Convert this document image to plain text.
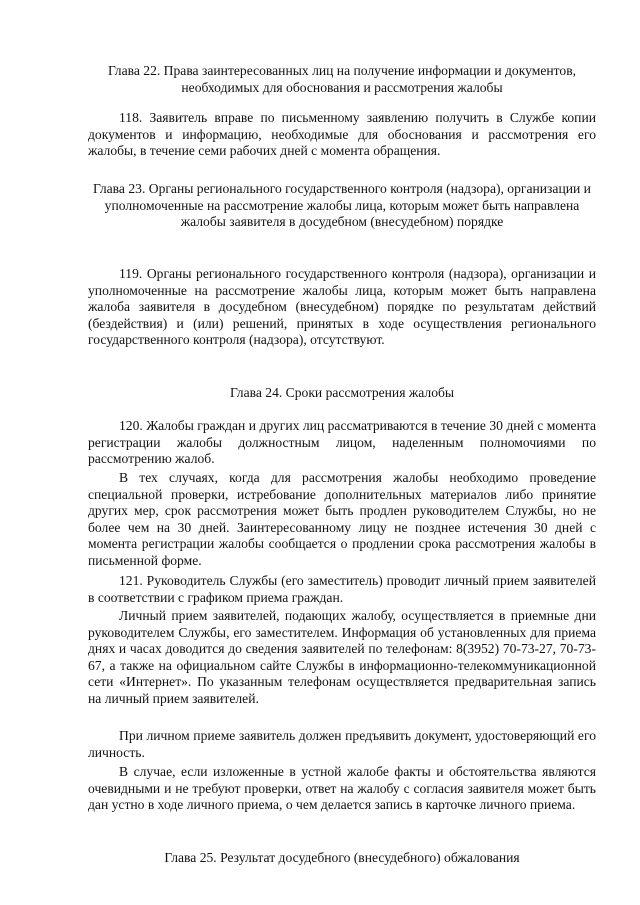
Глава 22. Права заинтересованных лиц на получение информации и документов, необходимых для обоснования и рассмотрения жалобы
118. Заявитель вправе по письменному заявлению получить в Службе копии документов и информацию, необходимые для обоснования и рассмотрения его жалобы, в течение семи рабочих дней с момента обращения.
Глава 23. Органы регионального государственного контроля (надзора), организации и уполномоченные на рассмотрение жалобы лица, которым может быть направлена жалобы заявителя в досудебном (внесудебном) порядке
119. Органы регионального государственного контроля (надзора), организации и уполномоченные на рассмотрение жалобы лица, которым может быть направлена жалоба заявителя в досудебном (внесудебном) порядке по результатам действий (бездействия) и (или) решений, принятых в ходе осуществления регионального государственного контроля (надзора), отсутствуют.
Глава 24. Сроки рассмотрения жалобы
120. Жалобы граждан и других лиц рассматриваются в течение 30 дней с момента регистрации жалобы должностным лицом, наделенным полномочиями по рассмотрению жалоб.
В тех случаях, когда для рассмотрения жалобы необходимо проведение специальной проверки, истребование дополнительных материалов либо принятие других мер, срок рассмотрения может быть продлен руководителем Службы, но не более чем на 30 дней. Заинтересованному лицу не позднее истечения 30 дней с момента регистрации жалобы сообщается о продлении срока рассмотрения жалобы в письменной форме.
121. Руководитель Службы (его заместитель) проводит личный прием заявителей в соответствии с графиком приема граждан.
Личный прием заявителей, подающих жалобу, осуществляется в приемные дни руководителем Службы, его заместителем. Информация об установленных для приема днях и часах доводится до сведения заявителей по телефонам: 8(3952) 70-73-27, 70-73-67, а также на официальном сайте Службы в информационно-телекоммуникационной сети «Интернет». По указанным телефонам осуществляется предварительная запись на личный прием заявителей.
При личном приеме заявитель должен предъявить документ, удостоверяющий его личность.
В случае, если изложенные в устной жалобе факты и обстоятельства являются очевидными и не требуют проверки, ответ на жалобу с согласия заявителя может быть дан устно в ходе личного приема, о чем делается запись в карточке личного приема.
Глава 25. Результат досудебного (внесудебного) обжалования
